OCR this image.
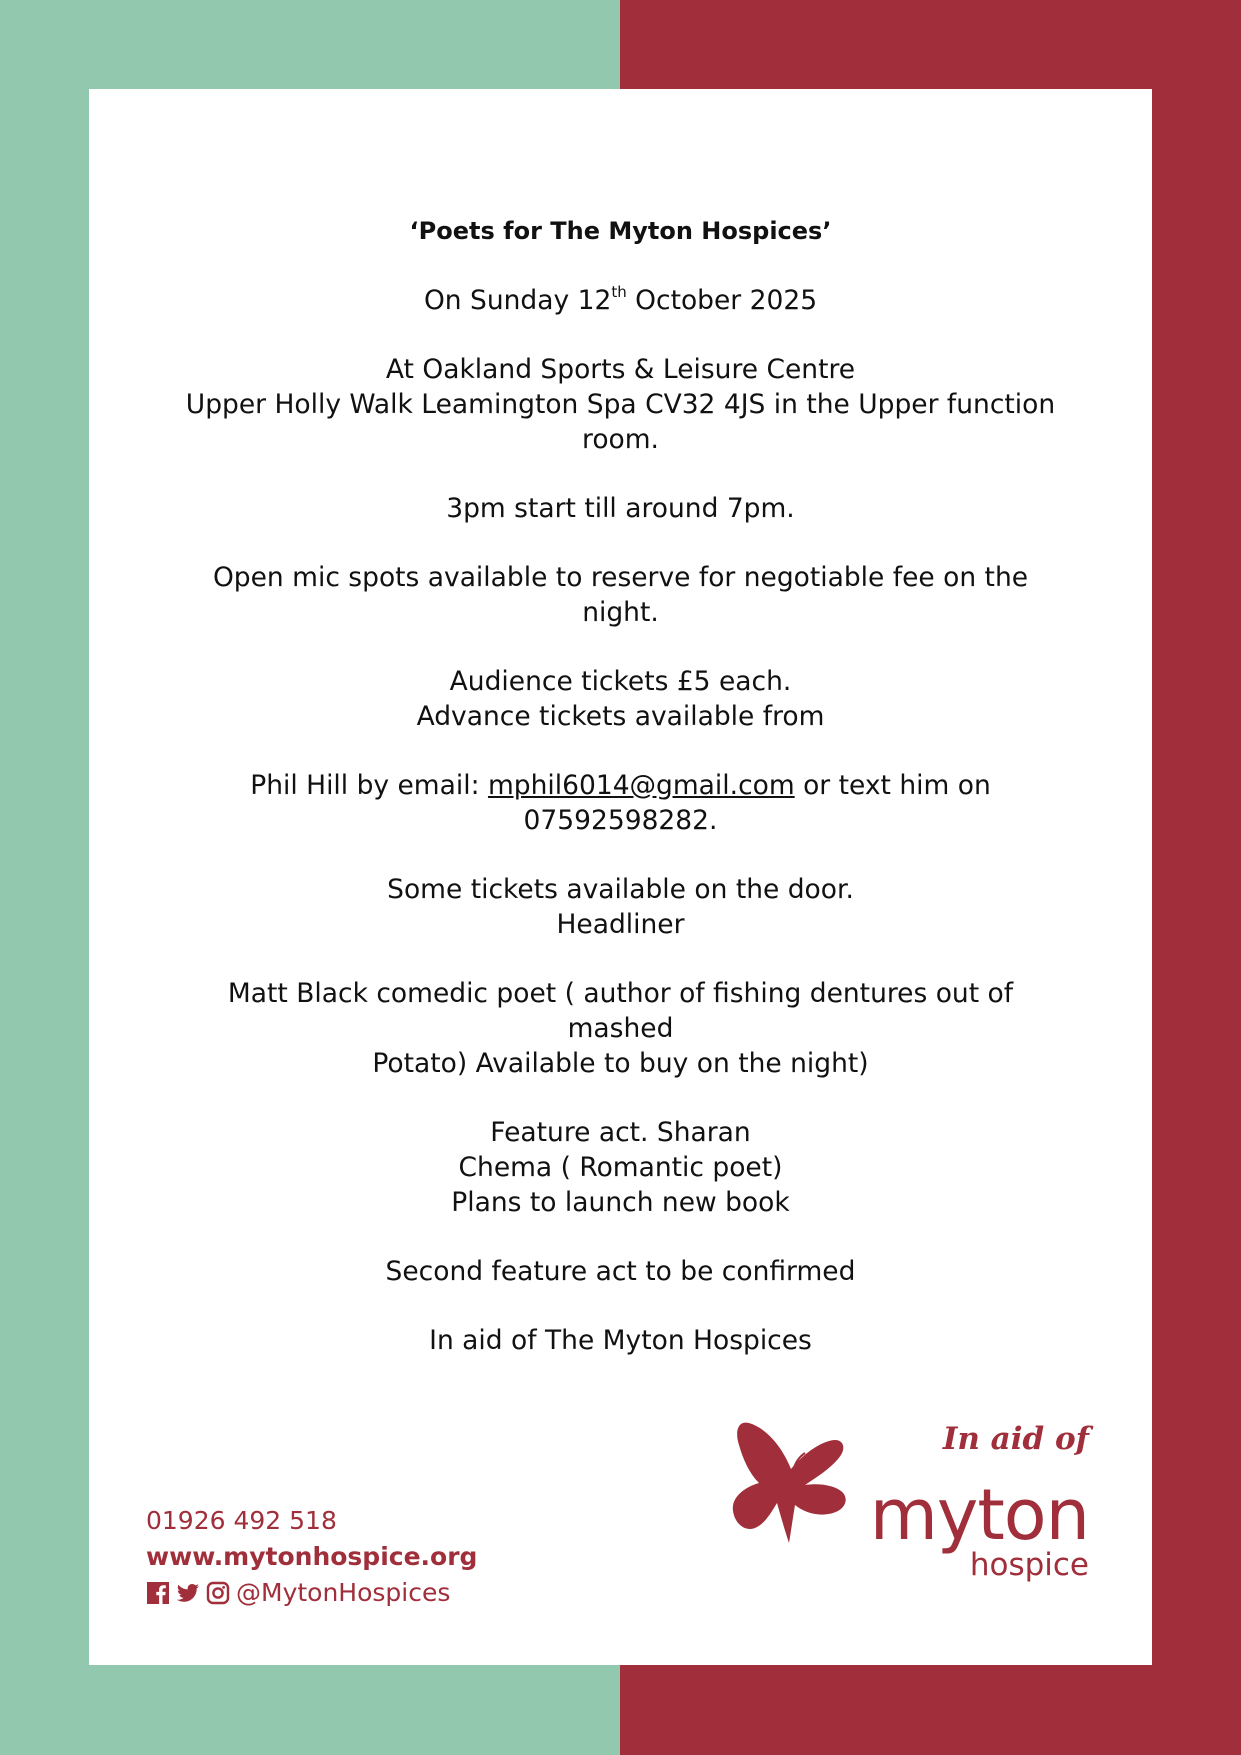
‘Poets for The Myton Hospices’
On Sunday 12th October 2025
At Oakland Sports & Leisure Centre
Upper Holly Walk Leamington Spa CV32 4JS in the Upper function
room.
3pm start till around 7pm.
Open mic spots available to reserve for negotiable fee on the
night.
Audience tickets £5 each.
Advance tickets available from
Phil Hill by email: mphil6014@gmail.com or text him on
07592598282.
Some tickets available on the door.
Headliner
Matt Black comedic poet ( author of fishing dentures out of
mashed
Potato) Available to buy on the night)
Feature act. Sharan
Chema ( Romantic poet)
Plans to launch new book
Second feature act to be confirmed
In aid of The Myton Hospices
01926 492 518
www.mytonhospice.org
@MytonHospices
In aid of
myton
hospice
